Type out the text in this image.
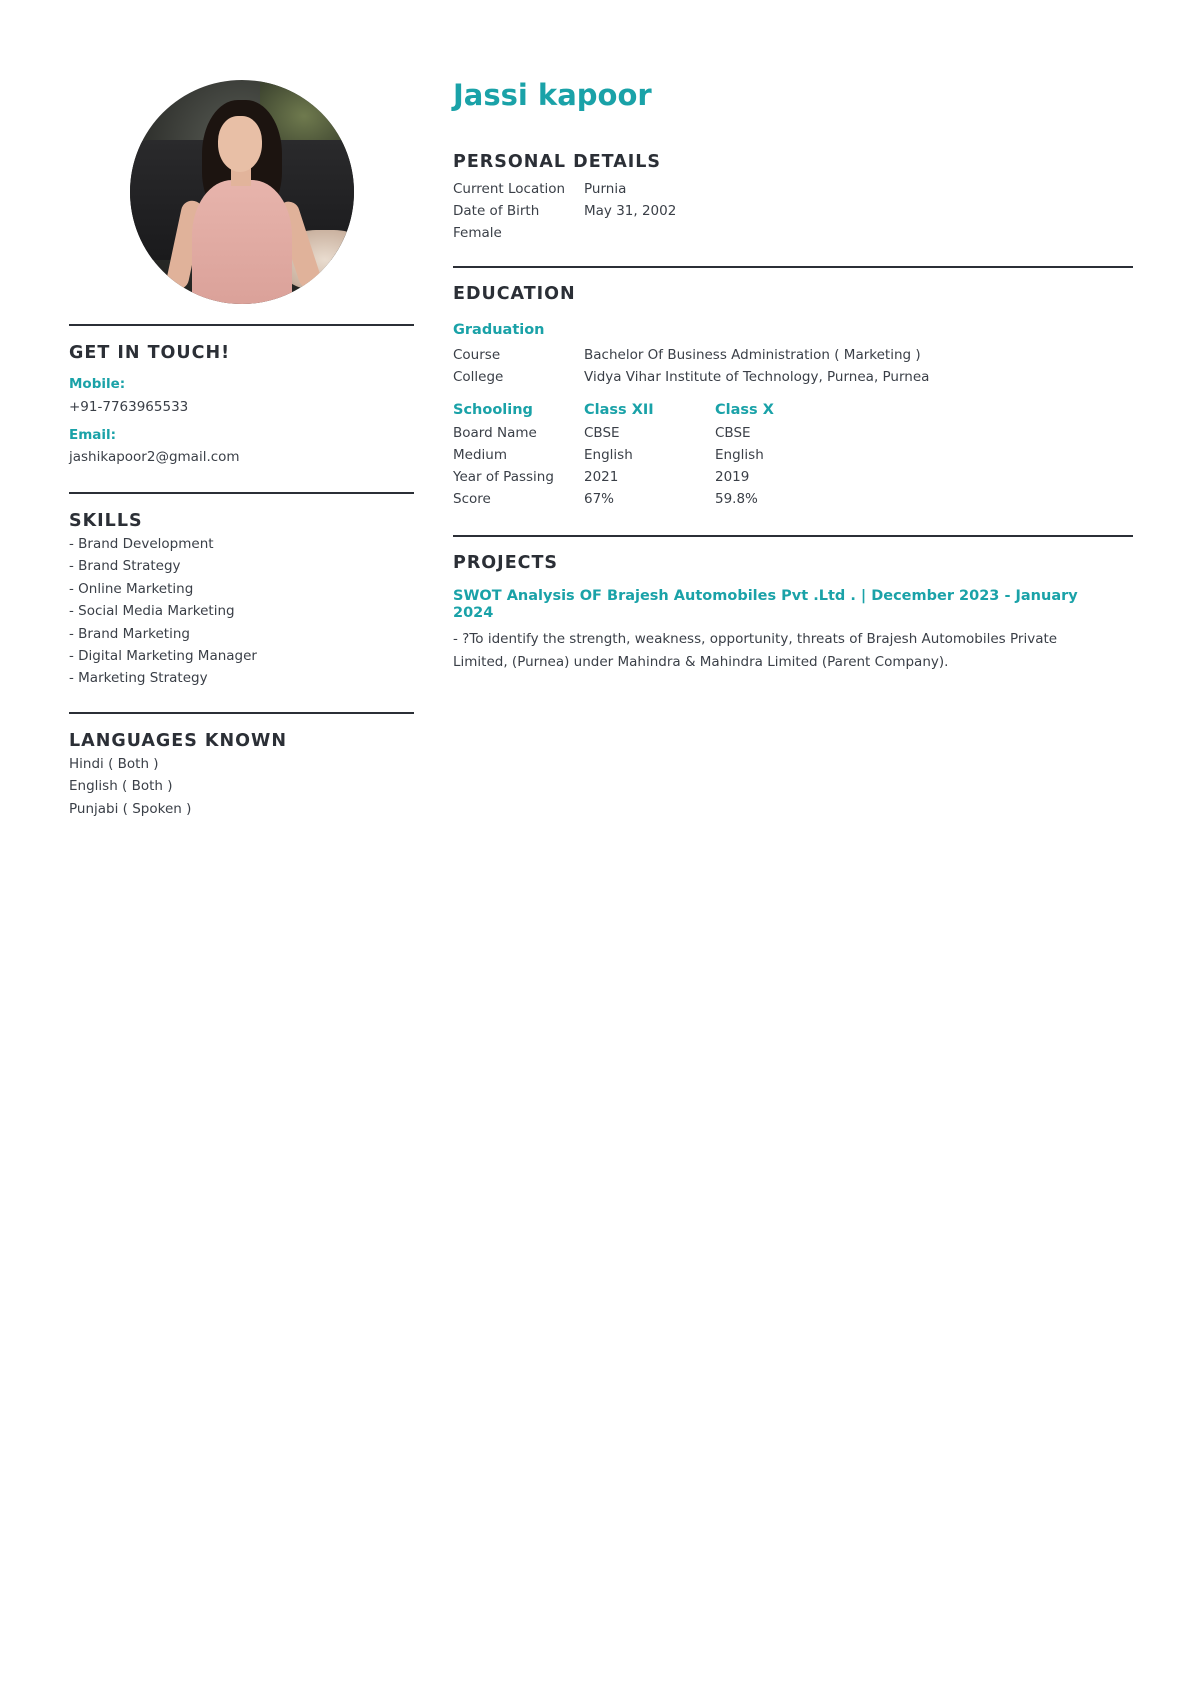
GET IN TOUCH!
Mobile:
+91-7763965533
Email:
jashikapoor2@gmail.com
SKILLS
- Brand Development
- Brand Strategy
- Online Marketing
- Social Media Marketing
- Brand Marketing
- Digital Marketing Manager
- Marketing Strategy
LANGUAGES KNOWN
Hindi ( Both )
English ( Both )
Punjabi ( Spoken )
Jassi kapoor
PERSONAL DETAILS
Current Location Purnia
Date of Birth	May 31, 2002
Female
EDUCATION
Graduation
Course	Bachelor Of Business Administration ( Marketing )
College	Vidya Vihar Institute of Technology, Purnea, Purnea
Schooling	Class XII	Class X
Board Name	CBSE	CBSE
Medium	English	English
Year of Passing	2021	2019
Score	67%	59.8%
PROJECTS
SWOT Analysis OF Brajesh Automobiles Pvt .Ltd . | December 2023 - January 2024
- ?To identify the strength, weakness, opportunity, threats of Brajesh Automobiles Private Limited, (Purnea) under Mahindra & Mahindra Limited (Parent Company).
